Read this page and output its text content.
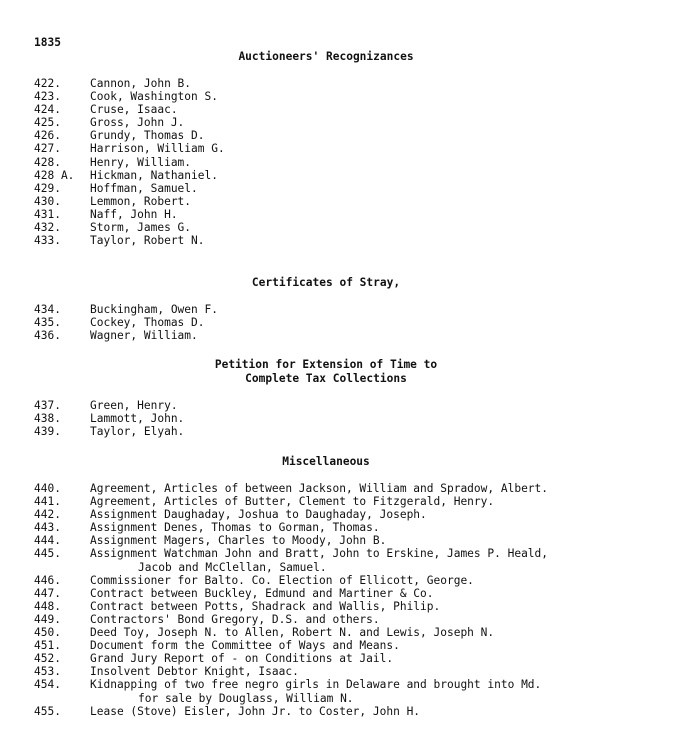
1835
Auctioneers' Recognizances
422.	Cannon, John B.
423.	Cook, Washington S.
424.	Cruse, Isaac.
425.	Gross, John J.
426.	Grundy, Thomas D.
427.	Harrison, William G.
428.	Henry, William.
428 A.	Hickman, Nathaniel.
429.	Hoffman, Samuel.
430.	Lemmon, Robert.
431.	Naff, John H.
432.	Storm, James G.
433.	Taylor, Robert N.
Certificates of Stray,
434.	Buckingham, Owen F.
435.	Cockey, Thomas D.
436.	Wagner, William.
Petition for Extension of Time to
Complete Tax Collections
437.	Green, Henry.
438.	Lammott, John.
439.	Taylor, Elyah.
Miscellaneous
440.	Agreement, Articles of between Jackson, William and Spradow, Albert.
441.	Agreement, Articles of Butter, Clement to Fitzgerald, Henry.
442.	Assignment Daughaday, Joshua to Daughaday, Joseph.
443.	Assignment Denes, Thomas to Gorman, Thomas.
444.	Assignment Magers, Charles to Moody, John B.
445.	Assignment Watchman John and Bratt, John to Erskine, James P. Heald,
Jacob and McClellan, Samuel.
446.	Commissioner for Balto. Co. Election of Ellicott, George.
447.	Contract between Buckley, Edmund and Martiner & Co.
448.	Contract between Potts, Shadrack and Wallis, Philip.
449.	Contractors' Bond Gregory, D.S. and others.
450.	Deed Toy, Joseph N. to Allen, Robert N. and Lewis, Joseph N.
451.	Document form the Committee of Ways and Means.
452.	Grand Jury Report of - on Conditions at Jail.
453.	Insolvent Debtor Knight, Isaac.
454.	Kidnapping of two free negro girls in Delaware and brought into Md.
for sale by Douglass, William N.
455.	Lease (Stove) Eisler, John Jr. to Coster, John H.
